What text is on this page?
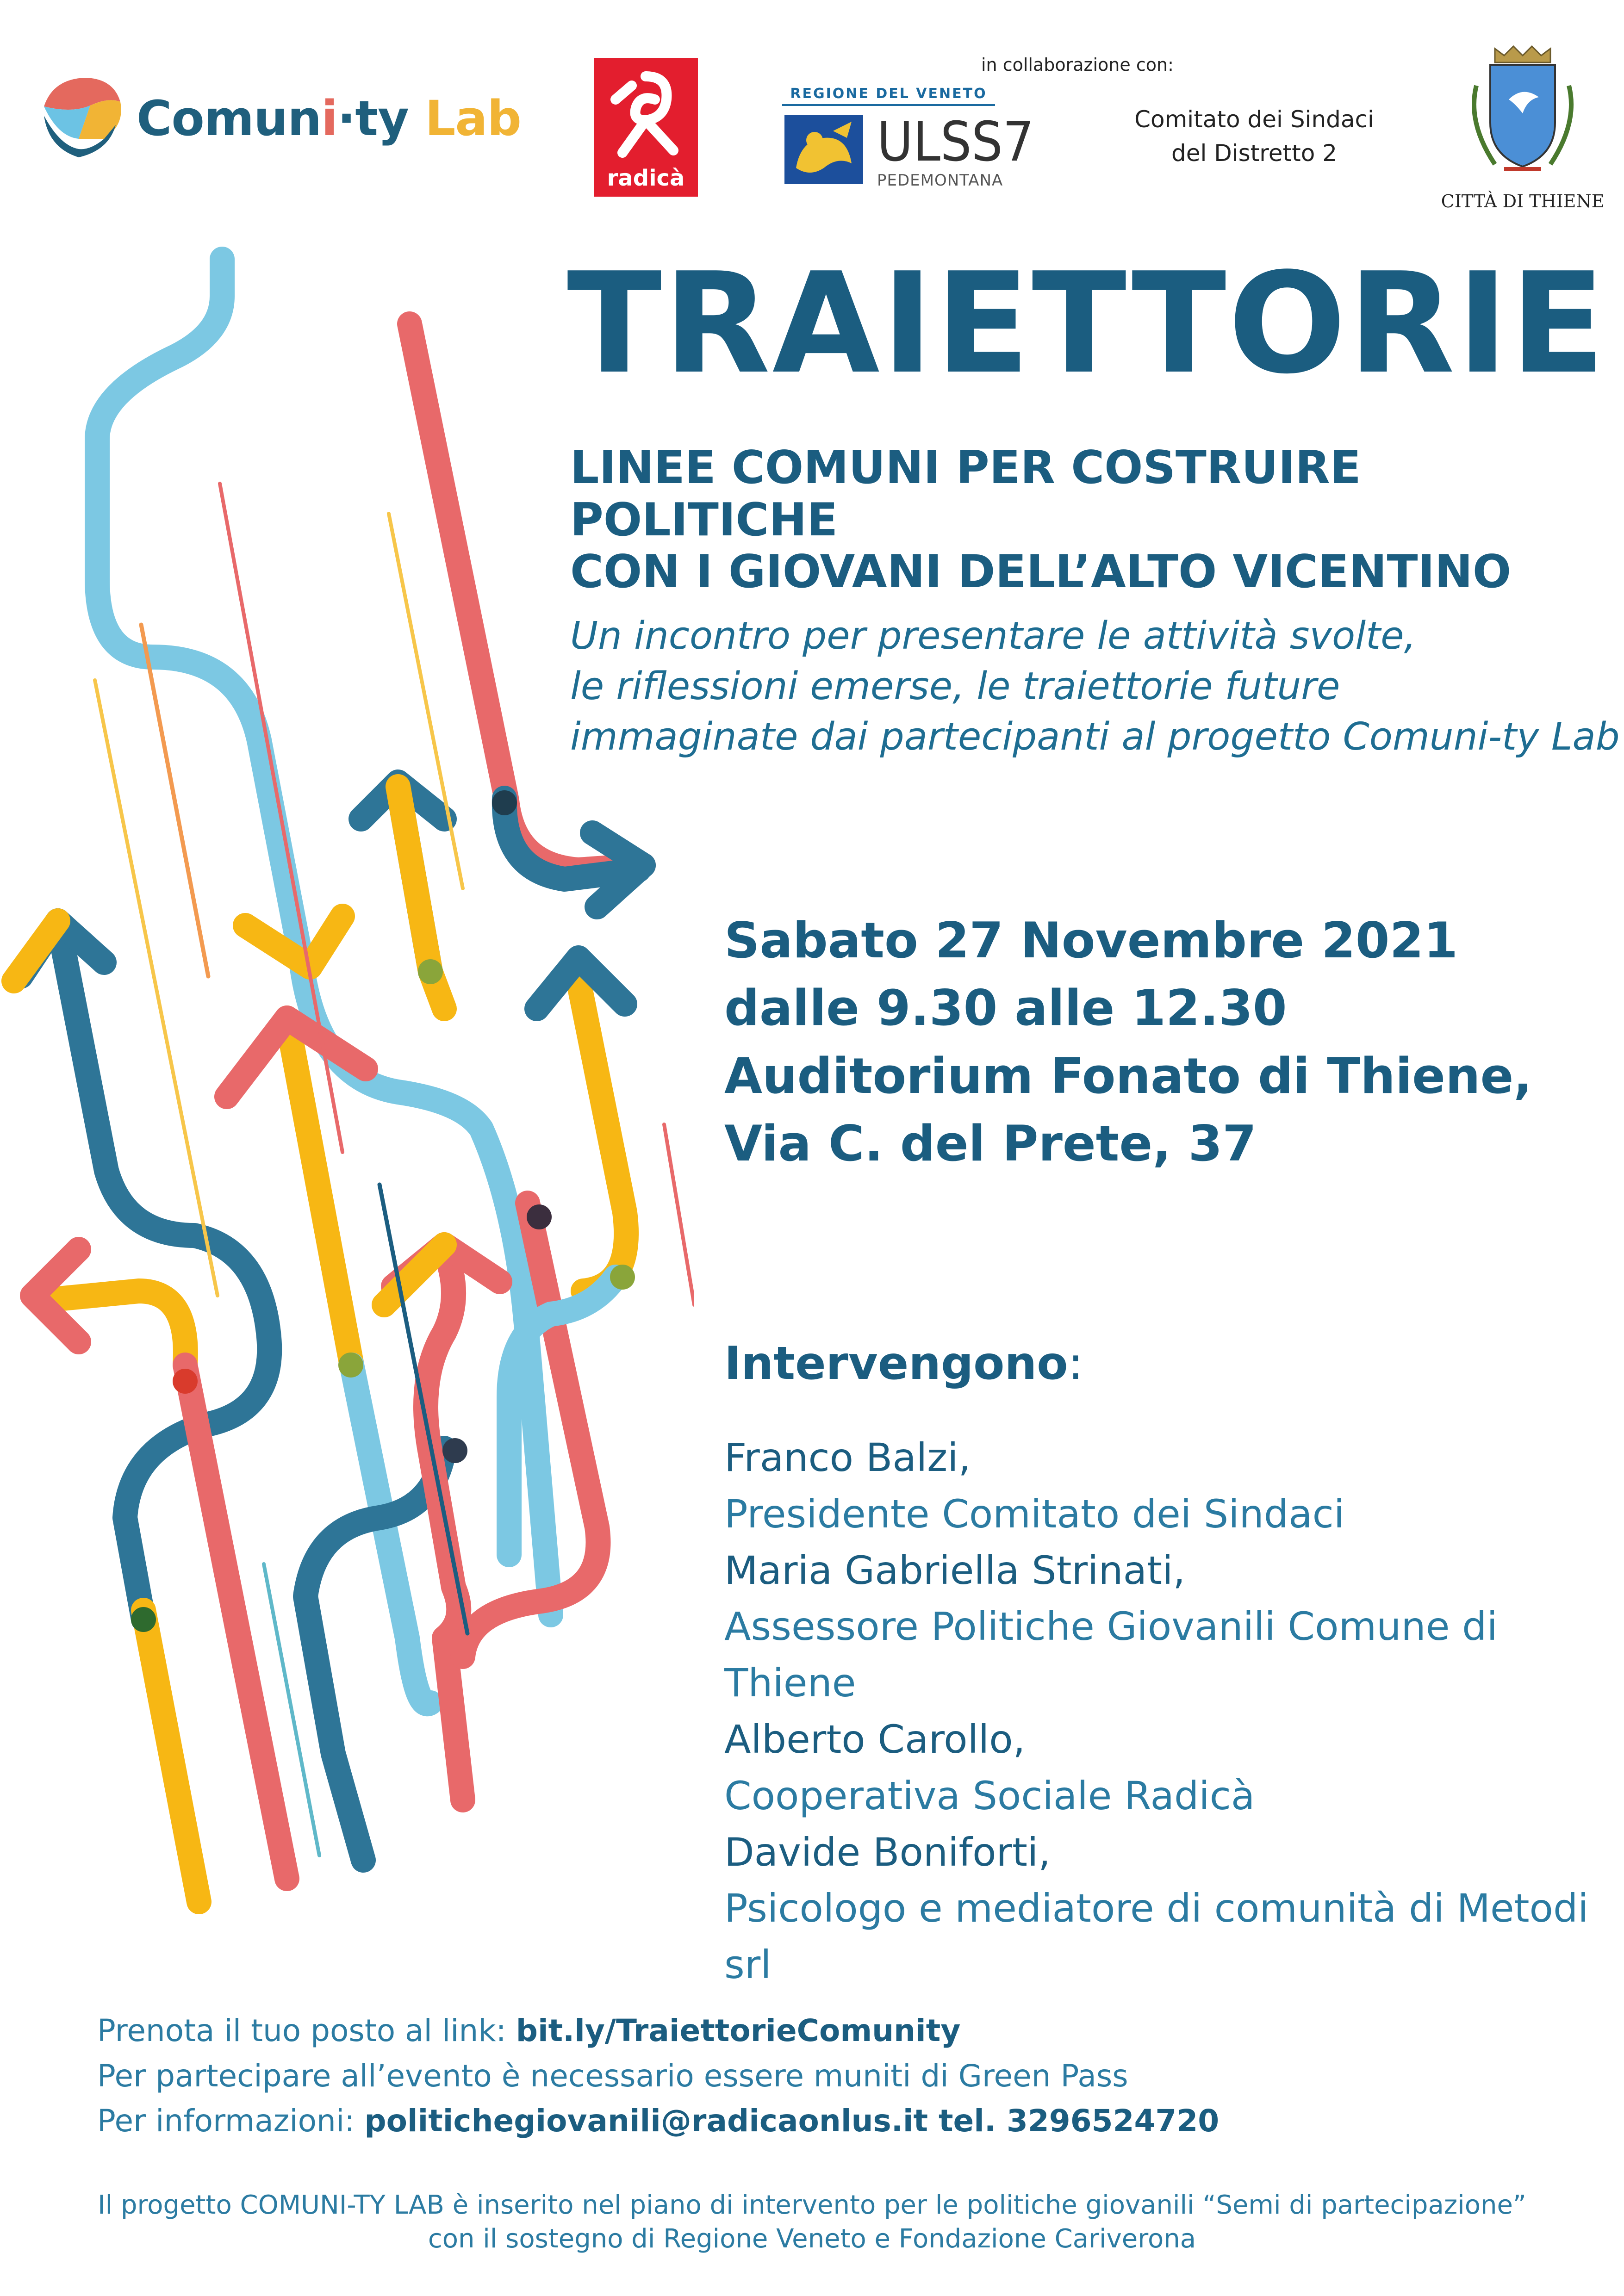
Comuni·ty Lab
radicà
in collaborazione con:
REGIONE DEL VENETO
ULSS7
PEDEMONTANA
Comitato dei Sindaci
del Distretto 2
CITTÀ DI THIENE
TRAIETTORIE
LINEE COMUNI PER COSTRUIRE POLITICHE
CON I GIOVANI DELL’ALTO VICENTINO
Un incontro per presentare le attività svolte,
le riflessioni emerse, le traiettorie future
immaginate dai partecipanti al progetto Comuni-ty Lab
Sabato 27 Novembre 2021
dalle 9.30 alle 12.30
Auditorium Fonato di Thiene,
Via C. del Prete, 37
Intervengono:
Franco Balzi,
Presidente Comitato dei Sindaci
Maria Gabriella Strinati,
Assessore Politiche Giovanili Comune di Thiene
Alberto Carollo,
Cooperativa Sociale Radicà
Davide Boniforti,
Psicologo e mediatore di comunità di Metodi srl
Prenota il tuo posto al link: bit.ly/TraiettorieComunity
Per partecipare all’evento è necessario essere muniti di Green Pass
Per informazioni: politichegiovanili@radicaonlus.it tel. 3296524720
Il progetto COMUNI-TY LAB è inserito nel piano di intervento per le politiche giovanili “Semi di partecipazione”
con il sostegno di Regione Veneto e Fondazione Cariverona
